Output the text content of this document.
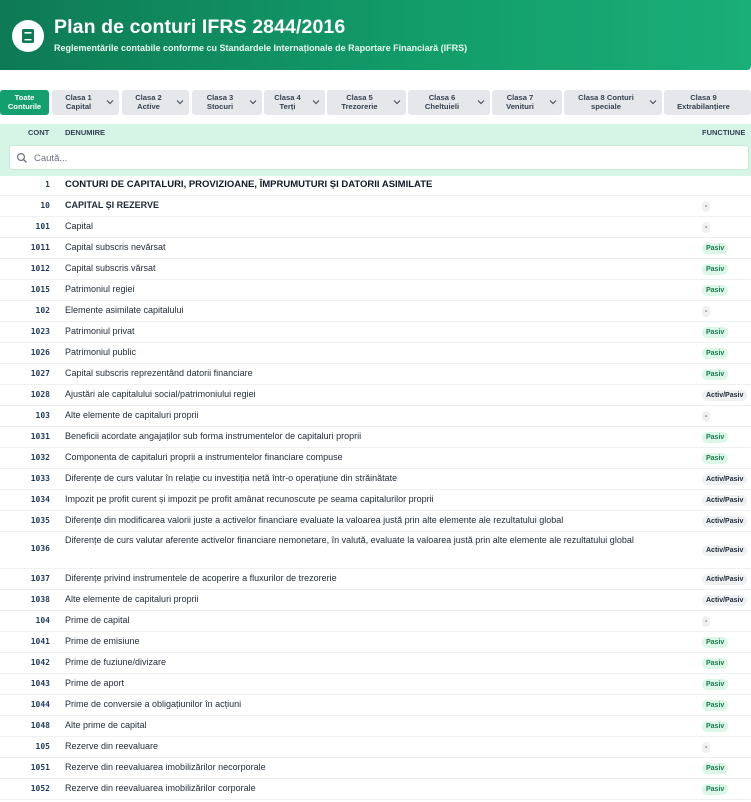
Plan de conturi IFRS 2844/2016
Reglementările contabile conforme cu Standardele Internaționale de Raportare Financiară (IFRS)
Toate
Conturile
Clasa 1
Capital
Clasa 2
Active
Clasa 3
Stocuri
Clasa 4
Terți
Clasa 5
Trezorerie
Clasa 6
Cheltuieli
Clasa 7
Venituri
Clasa 8 Conturi
speciale
Clasa 9
Extrabilanțiere
CONT DENUMIRE	FUNCTIUNE
Caută...
1 CONTURI DE CAPITALURI, PROVIZIOANE, ÎMPRUMUTURI ȘI DATORII ASIMILATE
10 CAPITAL ȘI REZERVE	-
101 Capital	-
1011 Capital subscris nevărsat	Pasiv
1012 Capital subscris vărsat	Pasiv
1015 Patrimoniul regiei	Pasiv
102 Elemente asimilate capitalului	-
1023 Patrimoniul privat	Pasiv
1026 Patrimoniul public	Pasiv
1027 Capital subscris reprezentând datorii financiare	Pasiv
1028 Ajustări ale capitalului social/patrimoniului regiei	Activ/Pasiv
103 Alte elemente de capitaluri proprii	-
1031 Beneficii acordate angajaților sub forma instrumentelor de capitaluri proprii	Pasiv
1032 Componenta de capitaluri proprii a instrumentelor financiare compuse	Pasiv
1033 Diferențe de curs valutar în relație cu investiția netă într-o operațiune din străinătate	Activ/Pasiv
1034 Impozit pe profit curent și impozit pe profit amânat recunoscute pe seama capitalurilor proprii	Activ/Pasiv
1035 Diferențe din modificarea valorii juste a activelor financiare evaluate la valoarea justă prin alte elemente ale rezultatului global	Activ/Pasiv
1036
Diferențe de curs valutar aferente activelor financiare nemonetare, în valută, evaluate la valoarea justă prin alte elemente ale rezultatului global
Activ/Pasiv
1037 Diferențe privind instrumentele de acoperire a fluxurilor de trezorerie	Activ/Pasiv
1038 Alte elemente de capitaluri proprii	Activ/Pasiv
104 Prime de capital	-
1041 Prime de emisiune	Pasiv
1042 Prime de fuziune/divizare	Pasiv
1043 Prime de aport	Pasiv
1044 Prime de conversie a obligațiunilor în acțiuni	Pasiv
1048 Alte prime de capital	Pasiv
105 Rezerve din reevaluare	-
1051 Rezerve din reevaluarea imobilizărilor necorporale	Pasiv
1052 Rezerve din reevaluarea imobilizărilor corporale	Pasiv
